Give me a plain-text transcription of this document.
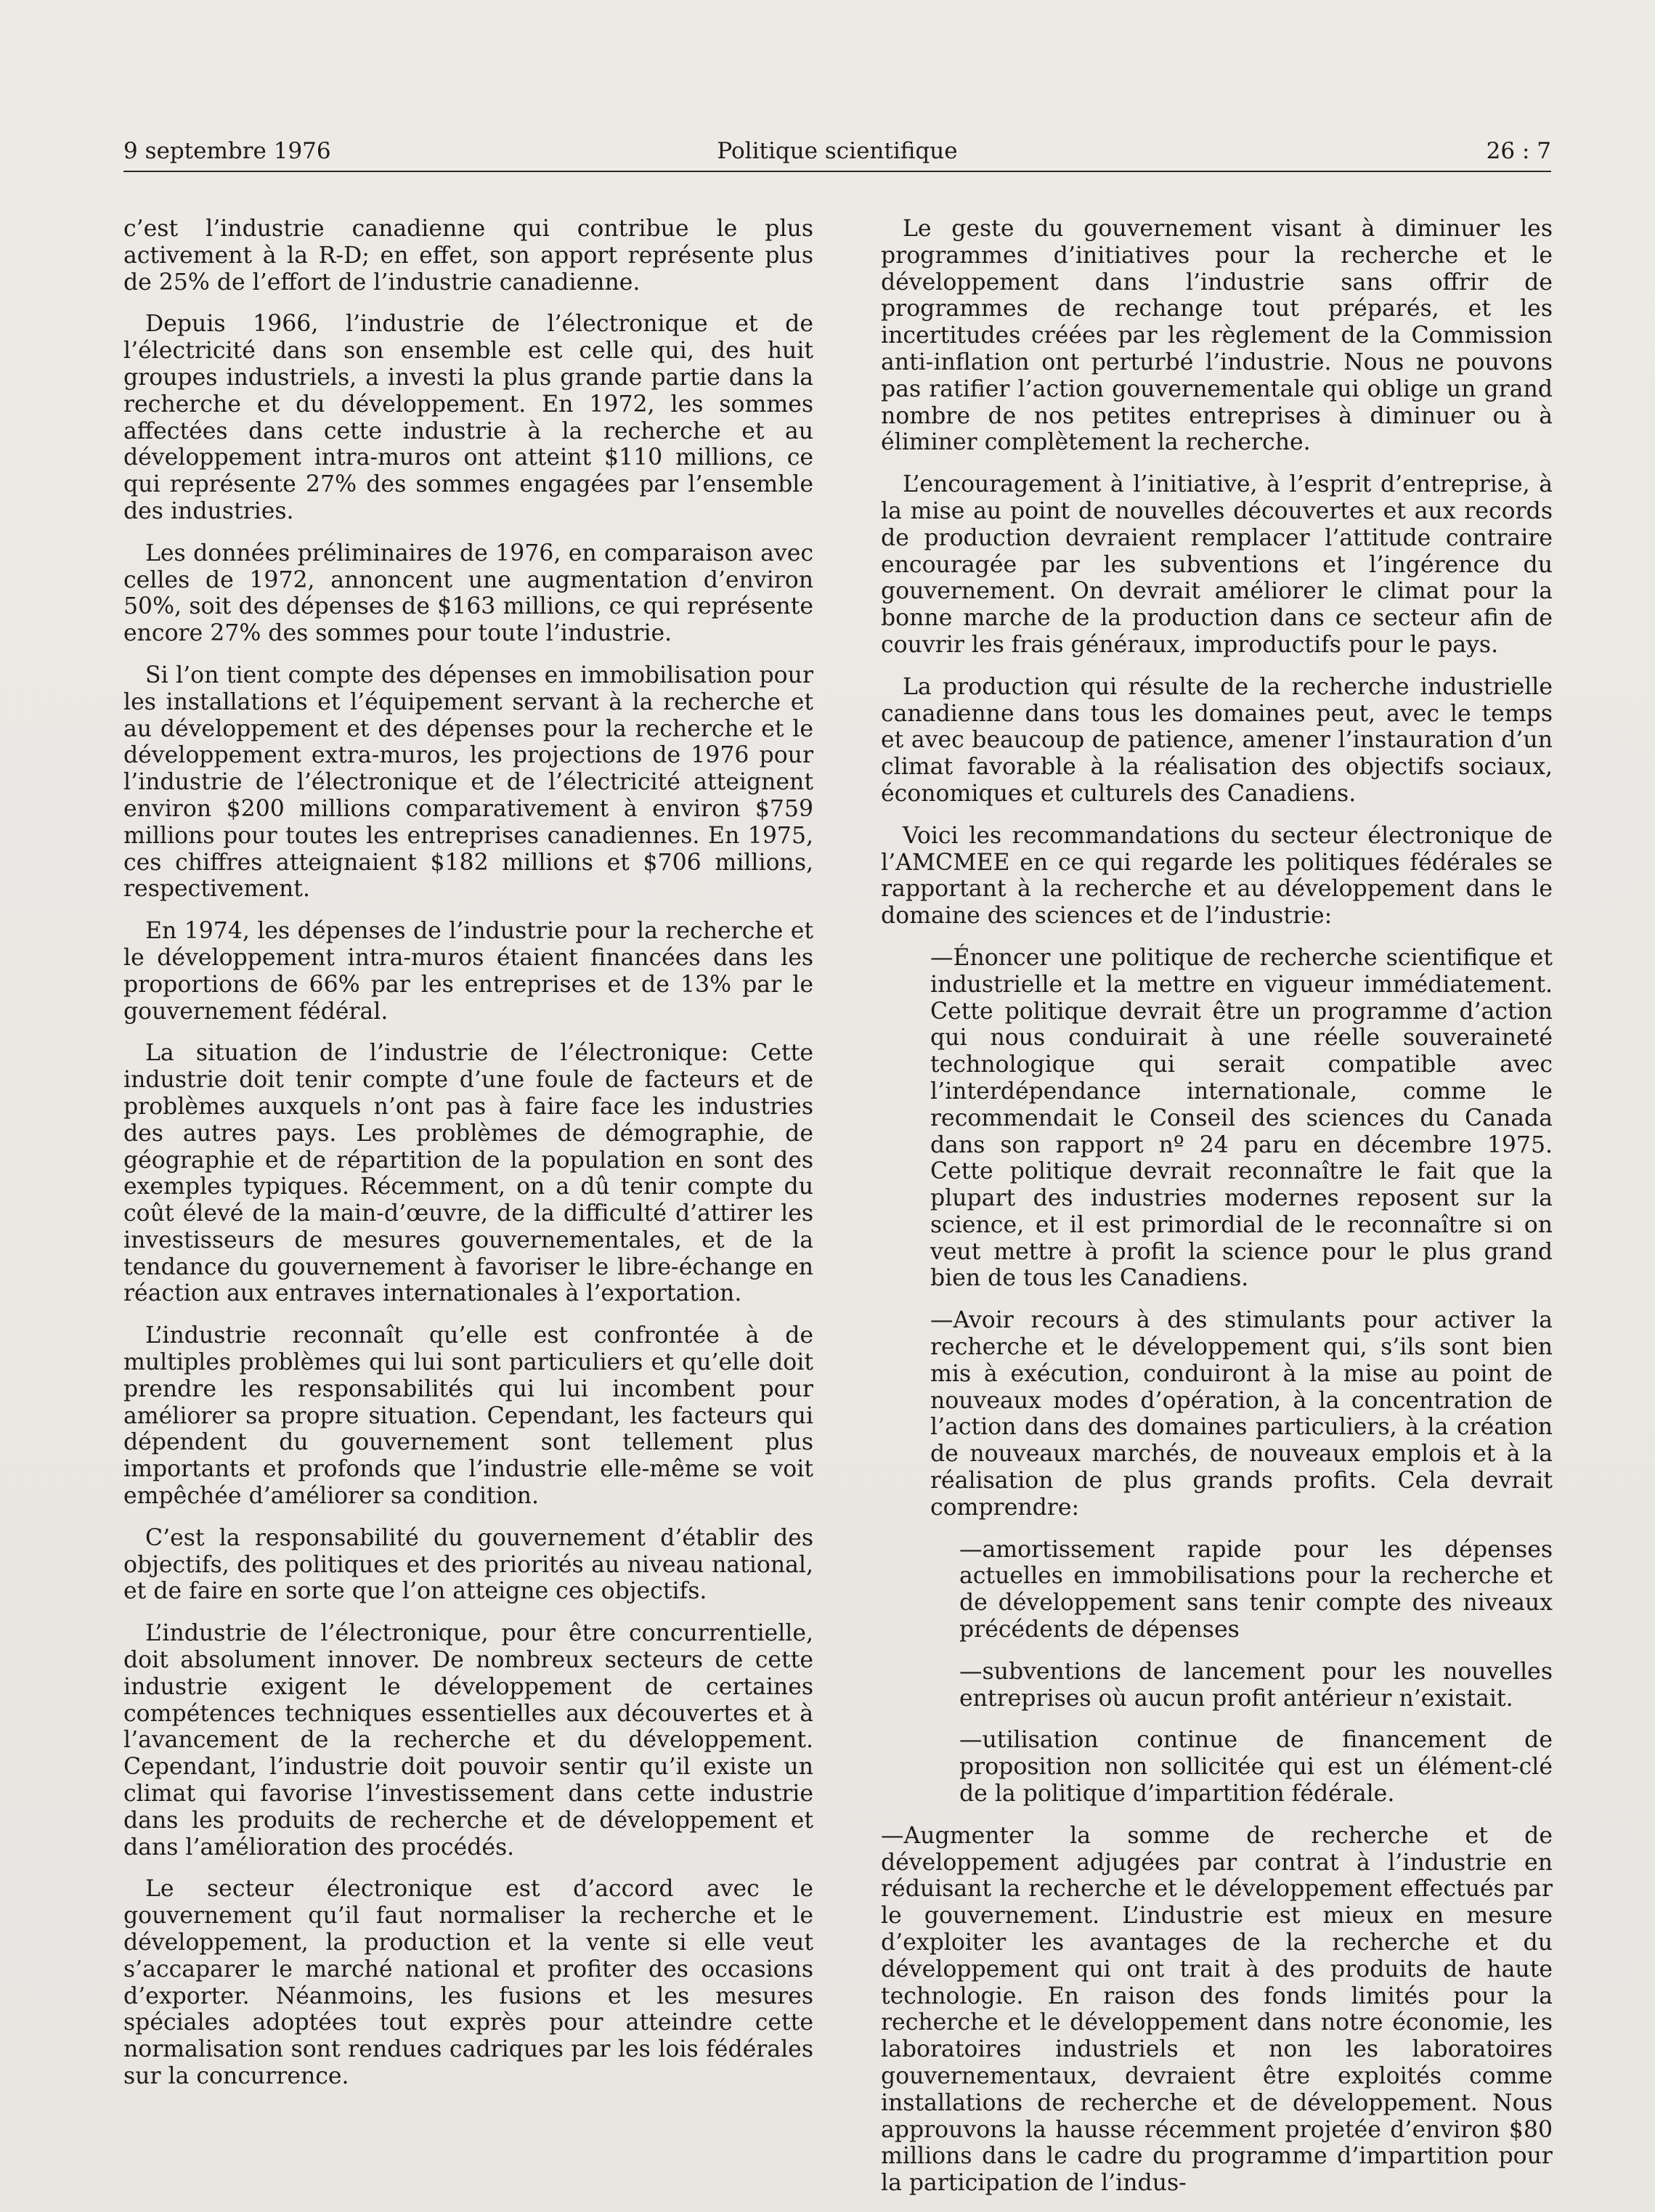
9 septembre 1976	Politique scientifique	26 : 7

c’est l’industrie canadienne qui contribue le plus activement à la R-D; en effet, son apport représente plus de 25% de l’effort de l’industrie canadienne.

Depuis 1966, l’industrie de l’électronique et de l’électricité dans son ensemble est celle qui, des huit groupes industriels, a investi la plus grande partie dans la recherche et du développement. En 1972, les sommes affectées dans cette industrie à la recherche et au développement intra-muros ont atteint $110 millions, ce qui représente 27% des sommes engagées par l’ensemble des industries.

Les données préliminaires de 1976, en comparaison avec celles de 1972, annoncent une augmentation d’environ 50%, soit des dépenses de $163 millions, ce qui représente encore 27% des sommes pour toute l’industrie.

Si l’on tient compte des dépenses en immobilisation pour les installations et l’équipement servant à la recherche et au développement et des dépenses pour la recherche et le développement extra-muros, les projections de 1976 pour l’industrie de l’électronique et de l’électricité atteignent environ $200 millions comparativement à environ $759 millions pour toutes les entreprises canadiennes. En 1975, ces chiffres atteignaient $182 millions et $706 millions, respectivement.

En 1974, les dépenses de l’industrie pour la recherche et le développement intra-muros étaient financées dans les proportions de 66% par les entreprises et de 13% par le gouvernement fédéral.

La situation de l’industrie de l’électronique: Cette industrie doit tenir compte d’une foule de facteurs et de problèmes auxquels n’ont pas à faire face les industries des autres pays. Les problèmes de démographie, de géographie et de répartition de la population en sont des exemples typiques. Récemment, on a dû tenir compte du coût élevé de la main-d’œuvre, de la difficulté d’attirer les investisseurs de mesures gouvernementales, et de la tendance du gouvernement à favoriser le libre-échange en réaction aux entraves internationales à l’exportation.

L’industrie reconnaît qu’elle est confrontée à de multiples problèmes qui lui sont particuliers et qu’elle doit prendre les responsabilités qui lui incombent pour améliorer sa propre situation. Cependant, les facteurs qui dépendent du gouvernement sont tellement plus importants et profonds que l’industrie elle-même se voit empêchée d’améliorer sa condition.

C’est la responsabilité du gouvernement d’établir des objectifs, des politiques et des priorités au niveau national, et de faire en sorte que l’on atteigne ces objectifs.

L’industrie de l’électronique, pour être concurrentielle, doit absolument innover. De nombreux secteurs de cette industrie exigent le développement de certaines compétences techniques essentielles aux découvertes et à l’avancement de la recherche et du développement. Cependant, l’industrie doit pouvoir sentir qu’il existe un climat qui favorise l’investissement dans cette industrie dans les produits de recherche et de développement et dans l’amélioration des procédés.

Le secteur électronique est d’accord avec le gouvernement qu’il faut normaliser la recherche et le développement, la production et la vente si elle veut s’accaparer le marché national et profiter des occasions d’exporter. Néanmoins, les fusions et les mesures spéciales adoptées tout exprès pour atteindre cette normalisation sont rendues cadriques par les lois fédérales sur la concurrence.

Le geste du gouvernement visant à diminuer les programmes d’initiatives pour la recherche et le développement dans l’industrie sans offrir de programmes de rechange tout préparés, et les incertitudes créées par les règlement de la Commission anti-inflation ont perturbé l’industrie. Nous ne pouvons pas ratifier l’action gouvernementale qui oblige un grand nombre de nos petites entreprises à diminuer ou à éliminer complètement la recherche.

L’encouragement à l’initiative, à l’esprit d’entreprise, à la mise au point de nouvelles découvertes et aux records de production devraient remplacer l’attitude contraire encouragée par les subventions et l’ingérence du gouvernement. On devrait améliorer le climat pour la bonne marche de la production dans ce secteur afin de couvrir les frais généraux, improductifs pour le pays.

La production qui résulte de la recherche industrielle canadienne dans tous les domaines peut, avec le temps et avec beaucoup de patience, amener l’instauration d’un climat favorable à la réalisation des objectifs sociaux, économiques et culturels des Canadiens.

Voici les recommandations du secteur électronique de l’AMCMEE en ce qui regarde les politiques fédérales se rapportant à la recherche et au développement dans le domaine des sciences et de l’industrie:

—Énoncer une politique de recherche scientifique et industrielle et la mettre en vigueur immédiatement. Cette politique devrait être un programme d’action qui nous conduirait à une réelle souveraineté technologique qui serait compatible avec l’interdépendance internationale, comme le recommendait le Conseil des sciences du Canada dans son rapport nº 24 paru en décembre 1975. Cette politique devrait reconnaître le fait que la plupart des industries modernes reposent sur la science, et il est primordial de le reconnaître si on veut mettre à profit la science pour le plus grand bien de tous les Canadiens.

—Avoir recours à des stimulants pour activer la recherche et le développement qui, s’ils sont bien mis à exécution, conduiront à la mise au point de nouveaux modes d’opération, à la concentration de l’action dans des domaines particuliers, à la création de nouveaux marchés, de nouveaux emplois et à la réalisation de plus grands profits. Cela devrait comprendre:

—amortissement rapide pour les dépenses actuelles en immobilisations pour la recherche et de développement sans tenir compte des niveaux précédents de dépenses

—subventions de lancement pour les nouvelles entreprises où aucun profit antérieur n’existait.

—utilisation continue de financement de proposition non sollicitée qui est un élément-clé de la politique d’impartition fédérale.

—Augmenter la somme de recherche et de développement adjugées par contrat à l’industrie en réduisant la recherche et le développement effectués par le gouvernement. L’industrie est mieux en mesure d’exploiter les avantages de la recherche et du développement qui ont trait à des produits de haute technologie. En raison des fonds limités pour la recherche et le développement dans notre économie, les laboratoires industriels et non les laboratoires gouvernementaux, devraient être exploités comme installations de recherche et de développement. Nous approuvons la hausse récemment projetée d’environ $80 millions dans le cadre du programme d’impartition pour la participation de l’indus-
